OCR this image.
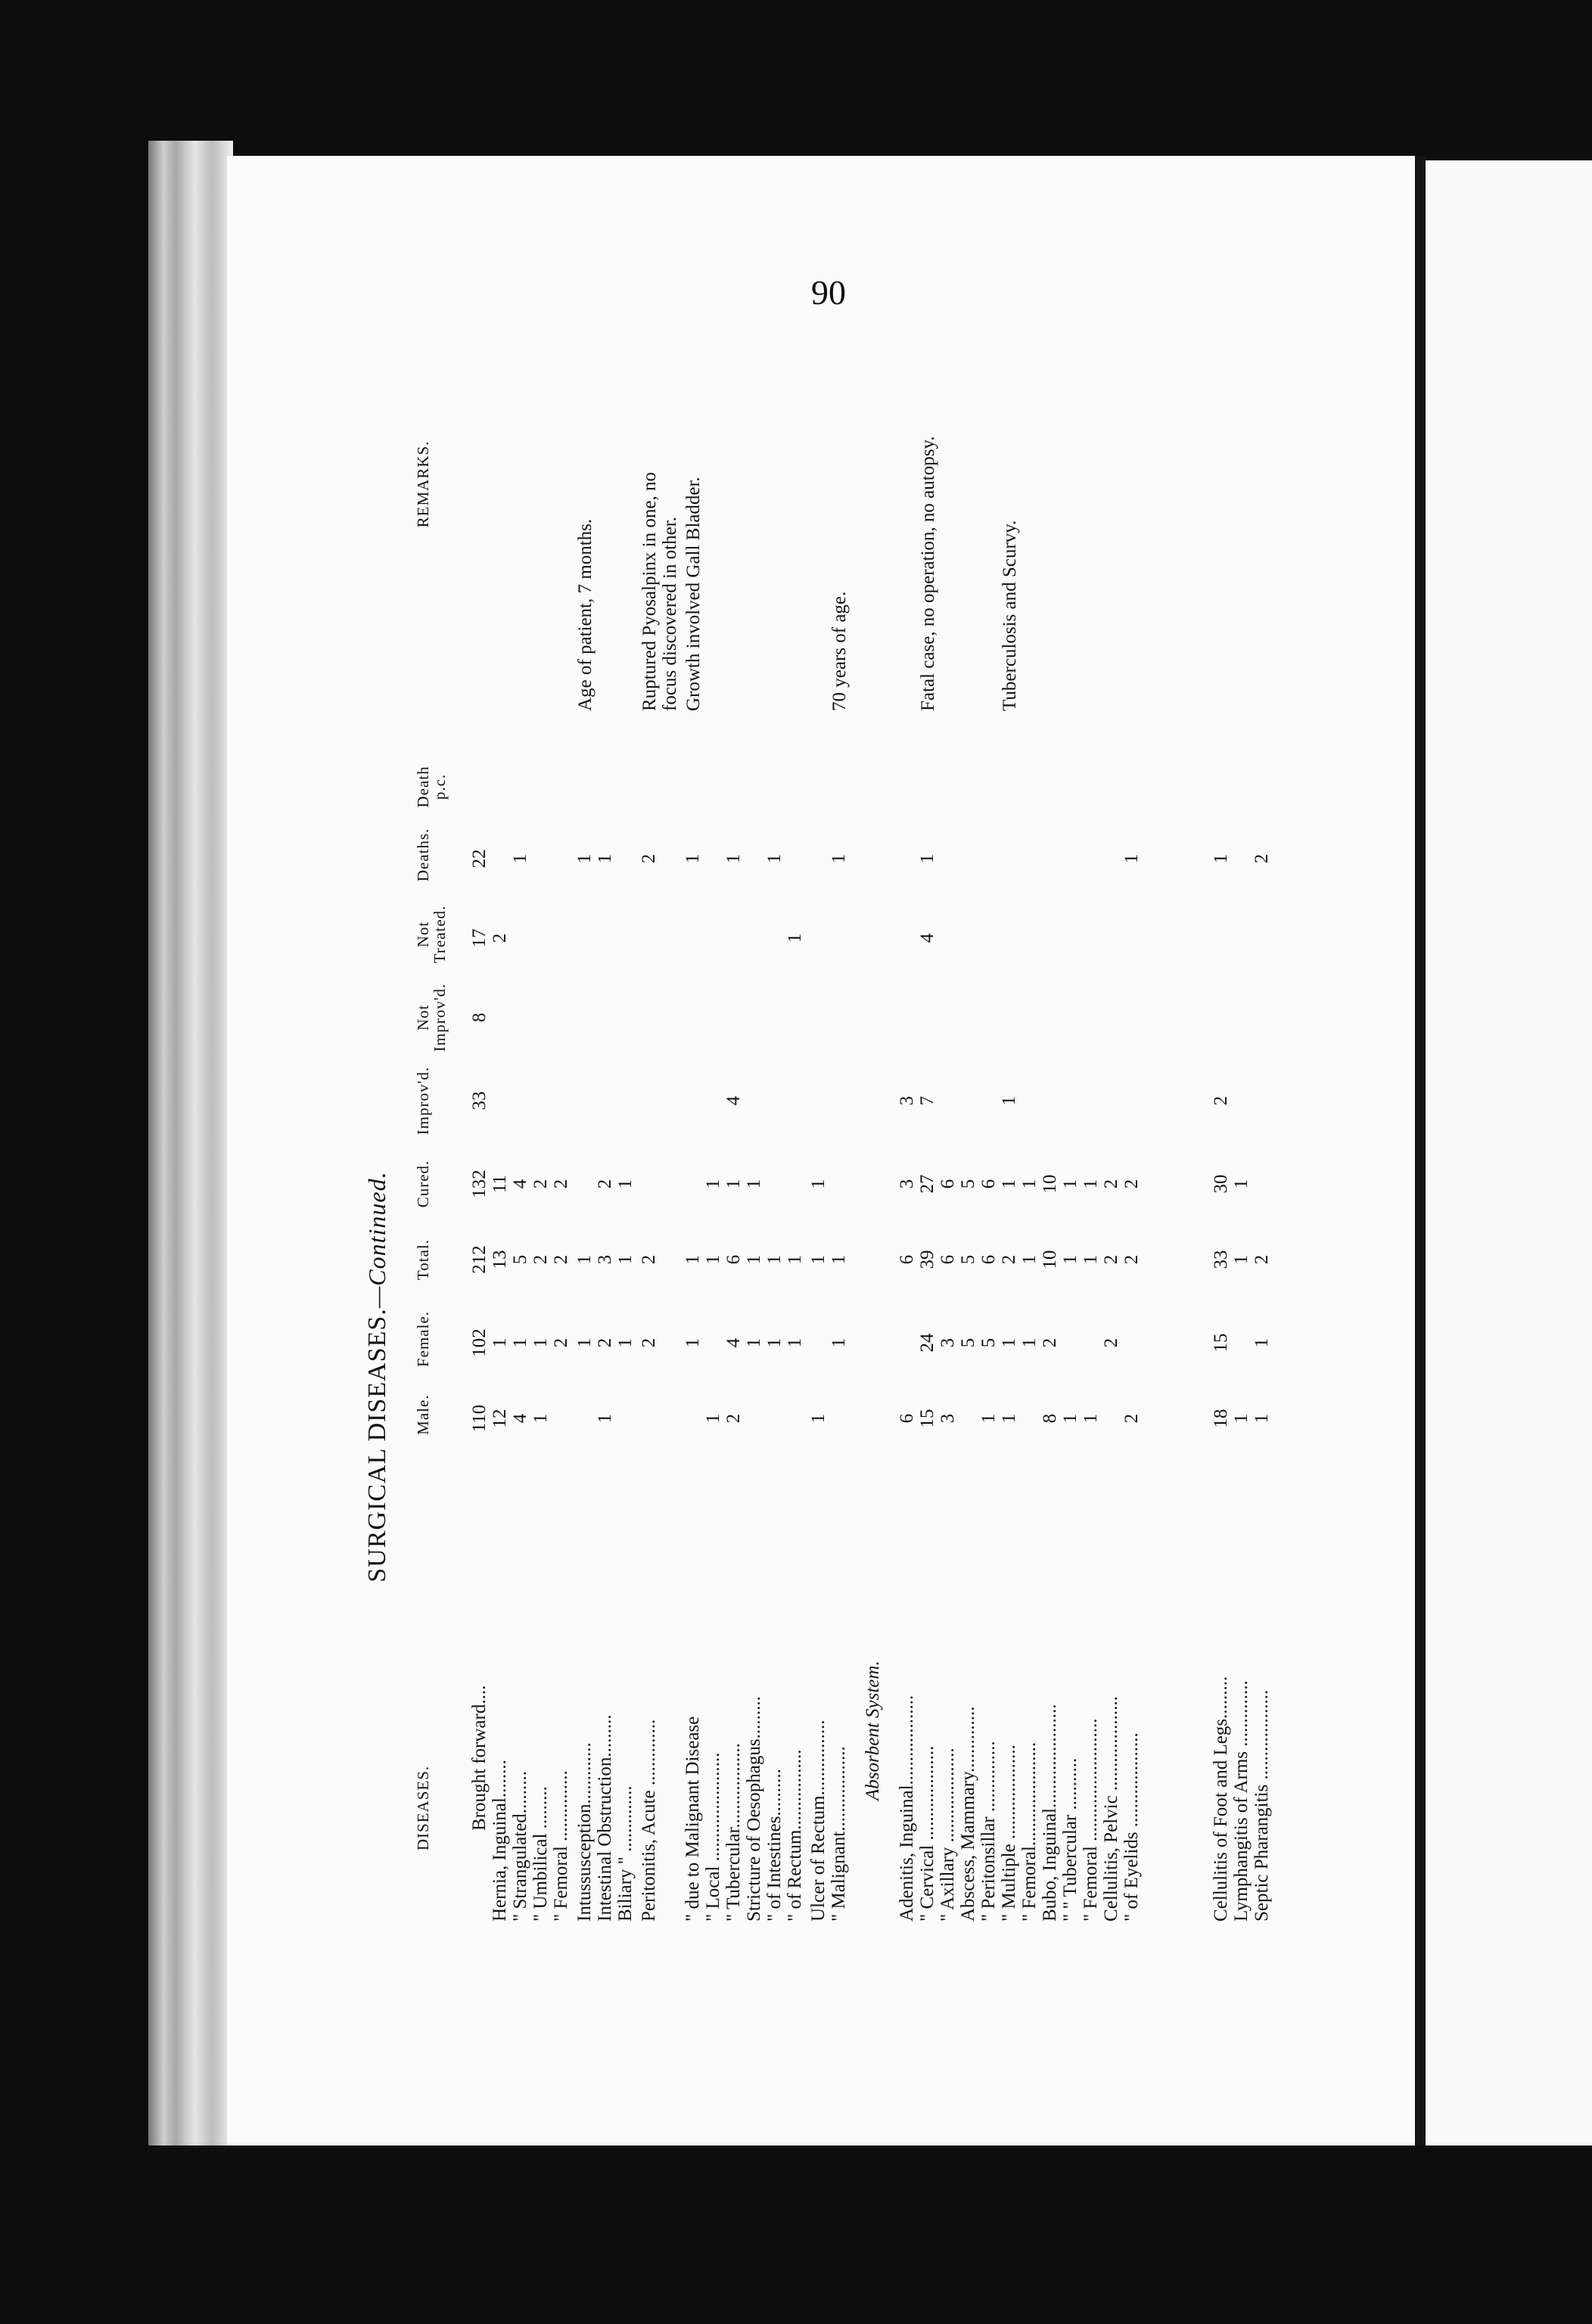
90
SURGICAL DISEASES.—Continued.
DISEASES.
Male.
Female.
Total.
Cured.
Improv'd.
Not Improv'd.
Not Treated.
Deaths.
Death p.c.
REMARKS.
Brought forward....
110
102
212
132
33
8
17
22
Hernia, Inguinal........
12
1
13
11
2
" Strangulated.........
4
1
5
4
1
" Umbilical .........
1
1
2
2
" Femoral ...............
2
2
2
Intussusception.............
1
1
1
Age of patient, 7 months.
Intestinal Obstruction.........
1
2
3
2
1
Biliary " ..............
1
1
1
Peritonitis, Acute ..............
2
2
2
Ruptured Pyosalpinx in one, no focus discovered in other.
" due to Malignant Disease
1
1
1
Growth involved Gall Bladder.
" Local .......................
1
1
1
" Tubercular..................
2
4
6
1
4
1
Stricture of Oesophagus.........
1
1
1
" of Intestines..........
1
1
1
" of Rectum.................
1
1
1
Ulcer of Rectum................
1
1
1
" Malignant..................
1
1
1
70 years of age.
Absorbent System. Adenitis, Inguinal...................
6
6
3
3
" Cervical ....................
15
24
39
27
7
4
1
Fatal case, no operation, no autopsy.
" Axillary ....................
3
3
6
6
Abscess, Mammary..............
5
5
5
" Peritonsillar ...............
1
5
6
6
" Multiple ....................
1
1
2
1
1
Tuberculosis and Scurvy.
" Femoral......................
1
1
1
Bubo, Inguinal......................
8
2
10
10
" " Tubercular ...........
1
1
1
" Femoral ..........................
1
1
1
Cellulitis, Pelvic ....................
2
2
2
" of Eyelids ....................
2
2
2
1
Cellulitis of Foot and Legs.........
18
15
33
30
2
1
Lymphangitis of Arms ..............
1
1
1
Septic Pharangitis ...................
1
1
2
2
